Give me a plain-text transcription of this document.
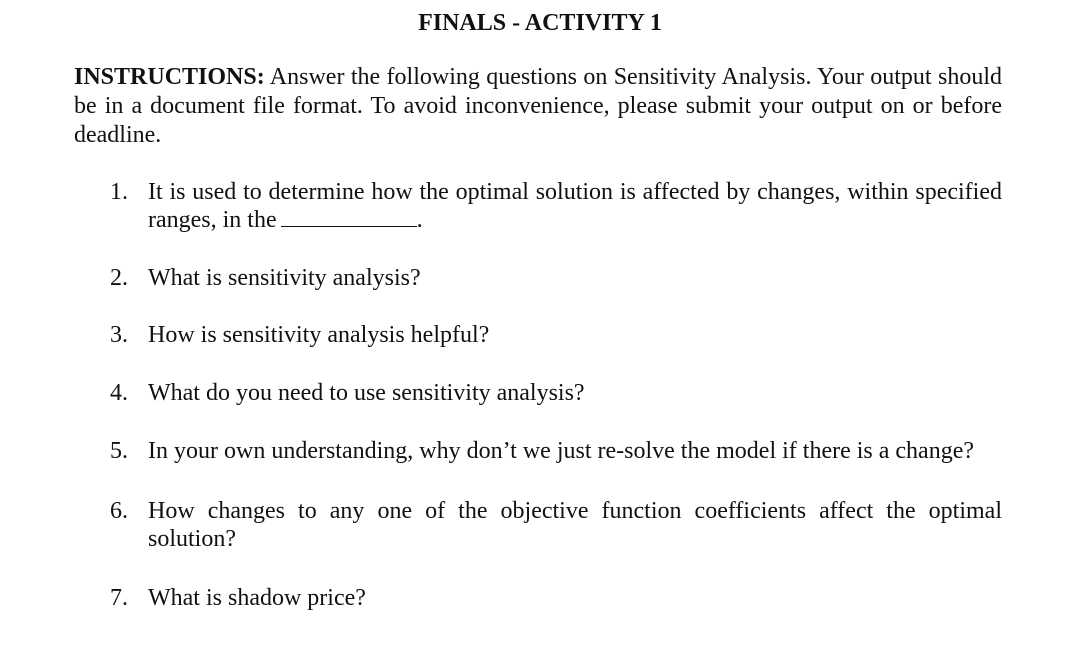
FINALS - ACTIVITY 1
INSTRUCTIONS: Answer the following questions on Sensitivity Analysis. Your output should be in a document file format. To avoid inconvenience, please submit your output on or before deadline.
1. It is used to determine how the optimal solution is affected by changes, within specified ranges, in the	.
2. What is sensitivity analysis?
3. How is sensitivity analysis helpful?
4. What do you need to use sensitivity analysis?
5. In your own understanding, why don’t we just re-solve the model if there is a change?
6. How changes to any one of the objective function coefficients affect the optimal solution?
7. What is shadow price?
